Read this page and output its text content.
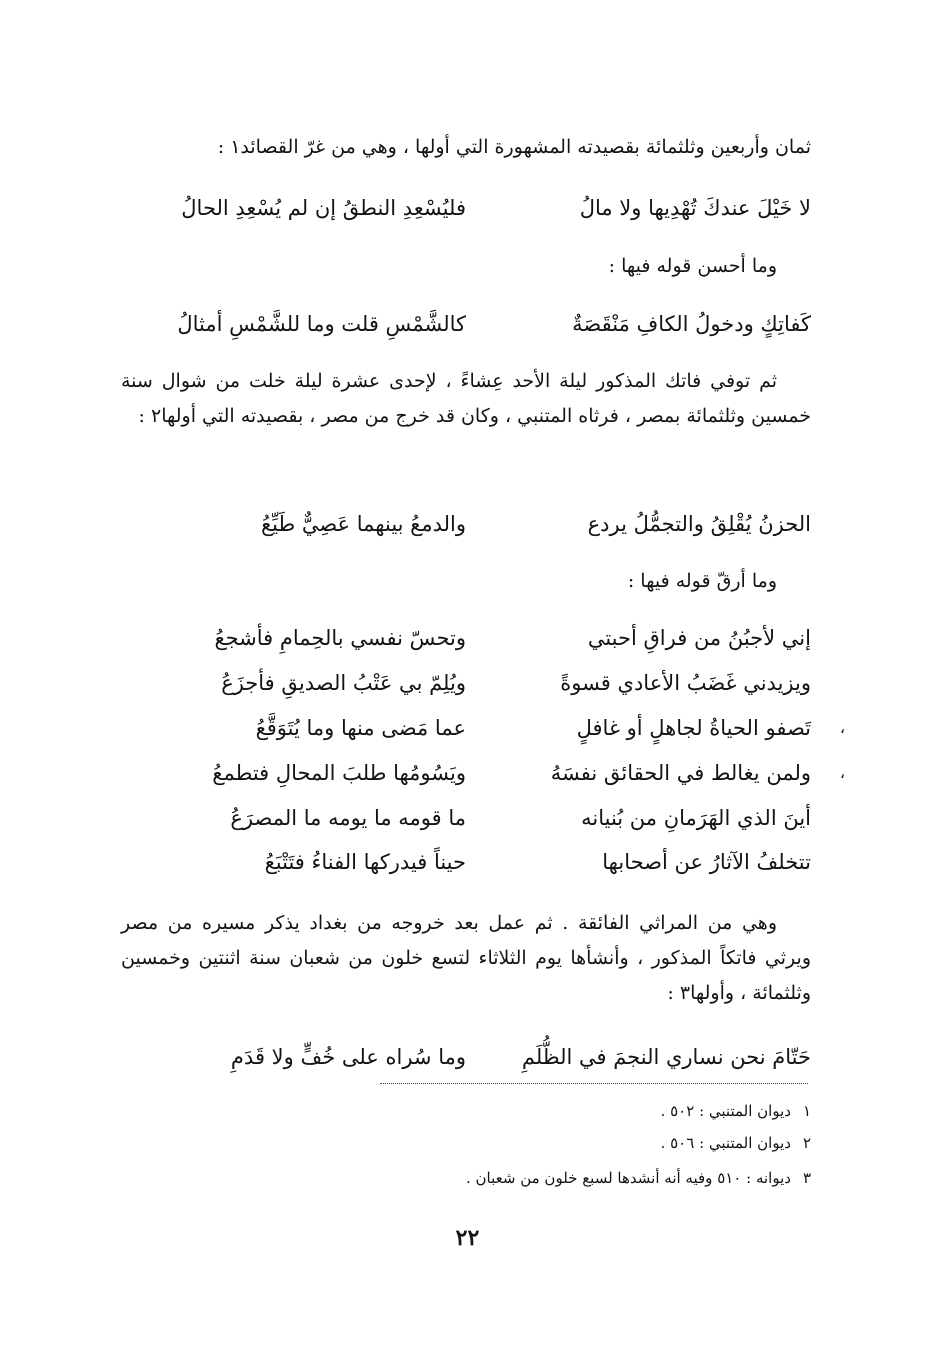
ثمان وأربعين وثلثمائة بقصيدته المشهورة التي أولها ، وهي من غرّ القصائد١ :

لا خَيْلَ عندكَ تُهْدِيها ولا مالُ
فليُسْعِدِ النطقُ إن لم يُسْعِدِ الحالُ

وما أحسن قوله فيها :

كَفاتِكٍ ودخولُ الكافِ مَنْقَصَةٌ
كالشَّمْسِ قلت وما للشَّمْسِ أمثالُ

ثم توفي فاتك المذكور ليلة الأحد عِشاءً ، لإحدى عشرة ليلة خلت من شوال سنة خمسين وثلثمائة بمصر ، فرثاه المتنبي ، وكان قد خرج من مصر ، بقصيدته التي أولها٢ :

الحزنُ يُقْلِقُ والتجمُّلُ يردع
والدمعُ بينهما عَصِيٌّ طَيِّعُ

وما أرقّ قوله فيها :

إني لأجبُنُ من فراقِ أحبتي
وتحسّ نفسي بالحِمامِ فأشجعُ
ويزيدني غَضَبُ الأعادي قسوةً
ويُلِمّ بي عَتْبُ الصديقِ فأجزَعُ
،
تَصفو الحياةُ لجاهلٍ أو غافلٍ
عما مَضى منها وما يُتَوَقَّعُ
،
ولمن يغالط في الحقائق نفسَهُ
ويَسُومُها طلبَ المحالِ فتطمعُ
أينَ الذي الهَرَمانِ من بُنيانه
ما قومه ما يومه ما المصرَعُ
تتخلفُ الآثارُ عن أصحابها
حيناً فيدركها الفناءُ فتَتْبَعُ

وهي من المراثي الفائقة . ثم عمل بعد خروجه من بغداد يذكر مسيره من مصر ويرثي فاتكاً المذكور ، وأنشأها يوم الثلاثاء لتسع خلون من شعبان سنة اثنتين وخمسين وثلثمائة ، وأولها٣ :

حَتّامَ نحن نساري النجمَ في الظُّلَمِ
وما سُراه على خُفٍّ ولا قَدَمِ
١ديوان المتنبي : ٥٠٢ .
٢ديوان المتنبي : ٥٠٦ .
٣ديوانه : ٥١٠ وفيه أنه أنشدها لسبع خلون من شعبان .
٢٢
